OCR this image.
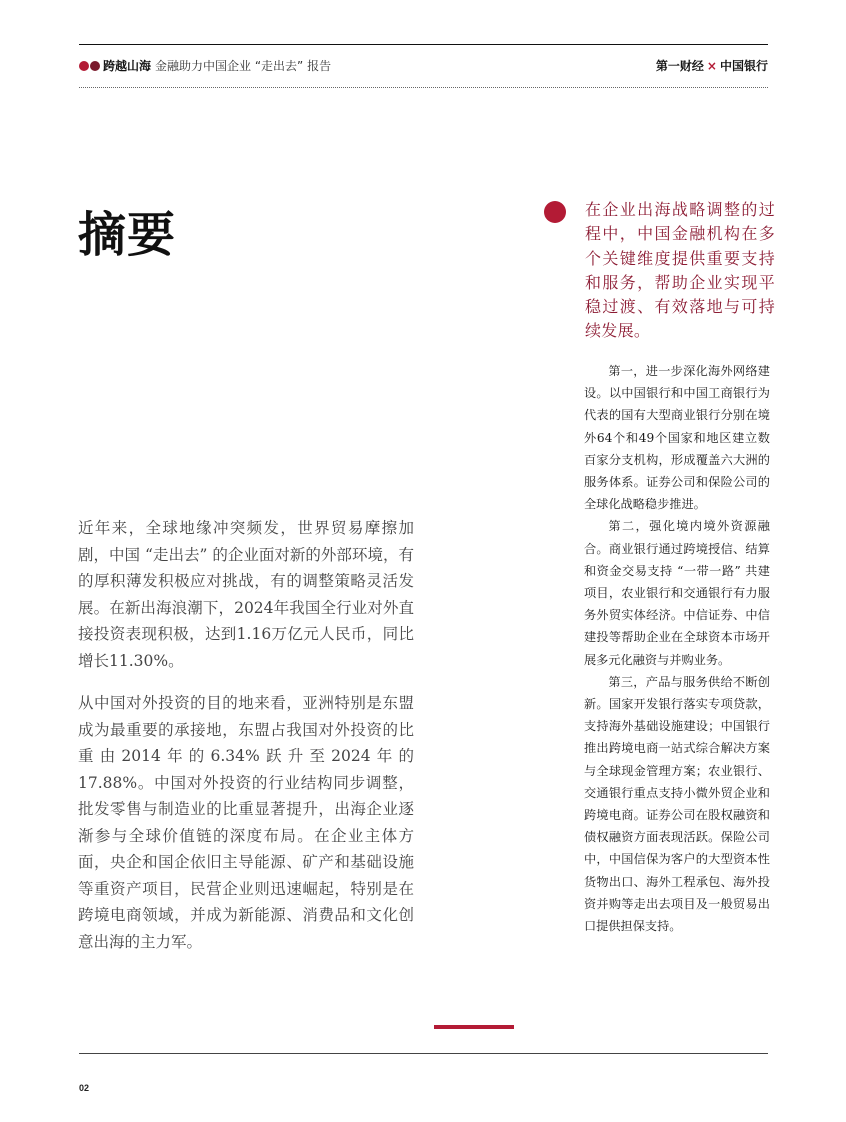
跨越山海 金融助力中国企业 “走出去” 报告	第一财经 × 中国银行
摘要	在企业出海战略调整的过程中，中国金融机构在多个关键维度提供重要支持和服务，帮助企业实现平稳过渡、有效落地与可持续发展。

第一，进一步深化海外网络建设。以中国银行和中国工商银行为代表的国有大型商业银行分别在境外64个和49个国家和地区建立数百家分支机构，形成覆盖六大洲的服务体系。证券公司和保险公司的全球化战略稳步推进。

第二，强化境内境外资源融合。商业银行通过跨境授信、结算和资金交易支持 “一带一路” 共建项目，农业银行和交通银行有力服务外贸实体经济。中信证券、中信建投等帮助企业在全球资本市场开展多元化融资与并购业务。

第三，产品与服务供给不断创新。国家开发银行落实专项贷款，支持海外基础设施建设；中国银行推出跨境电商一站式综合解决方案与全球现金管理方案；农业银行、交通银行重点支持小微外贸企业和跨境电商。证券公司在股权融资和债权融资方面表现活跃。保险公司中，中国信保为客户的大型资本性货物出口、海外工程承包、海外投资并购等走出去项目及一般贸易出口提供担保支持。

近年来，全球地缘冲突频发，世界贸易摩擦加剧，中国 “走出去” 的企业面对新的外部环境，有的厚积薄发积极应对挑战，有的调整策略灵活发展。在新出海浪潮下，2024年我国全行业对外直接投资表现积极，达到1.16万亿元人民币，同比增长11.30%。

从中国对外投资的目的地来看，亚洲特别是东盟成为最重要的承接地，东盟占我国对外投资的比重由2014年的6.34%跃升至2024年的17.88%。中国对外投资的行业结构同步调整，批发零售与制造业的比重显著提升，出海企业逐渐参与全球价值链的深度布局。在企业主体方面，央企和国企依旧主导能源、矿产和基础设施等重资产项目，民营企业则迅速崛起，特别是在跨境电商领域，并成为新能源、消费品和文化创意出海的主力军。

02
